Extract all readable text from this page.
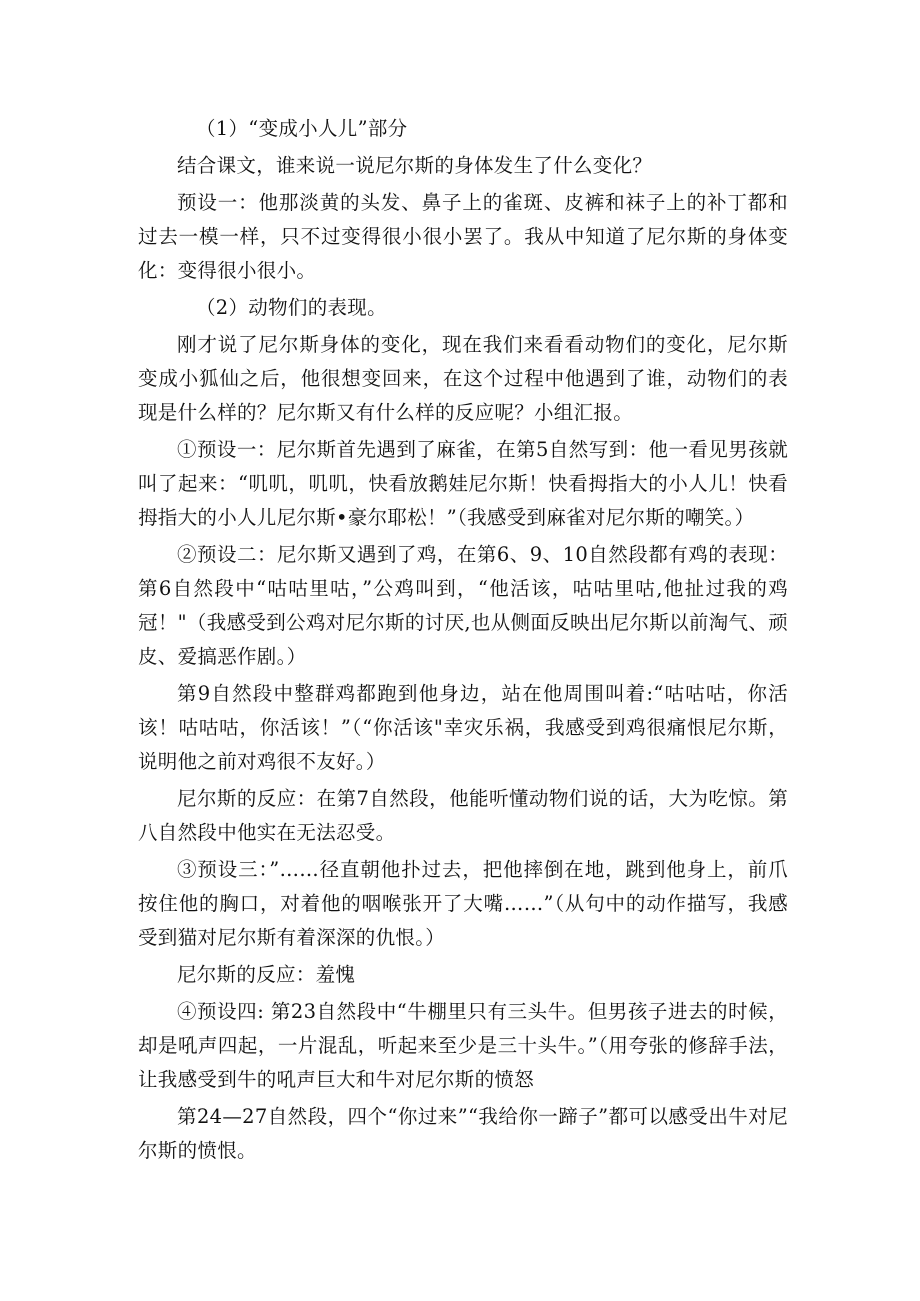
（1）“变成小人儿”部分

结合课文，谁来说一说尼尔斯的身体发生了什么变化？

预设一：他那淡黄的头发、鼻子上的雀斑、皮裤和袜子上的补丁都和过去一模一样，只不过变得很小很小罢了。我从中知道了尼尔斯的身体变化：变得很小很小。

（2）动物们的表现。

刚才说了尼尔斯身体的变化，现在我们来看看动物们的变化，尼尔斯变成小狐仙之后，他很想变回来，在这个过程中他遇到了谁，动物们的表现是什么样的？尼尔斯又有什么样的反应呢？小组汇报。

①预设一：尼尔斯首先遇到了麻雀，在第5自然写到：他一看见男孩就叫了起来：“叽叽，叽叽，快看放鹅娃尼尔斯！快看拇指大的小人儿！快看拇指大的小人儿尼尔斯•豪尔耶松！”（我感受到麻雀对尼尔斯的嘲笑。）

②预设二：尼尔斯又遇到了鸡，在第6、9、10自然段都有鸡的表现：第6自然段中“咕咕里咕，”公鸡叫到，“他活该，咕咕里咕,他扯过我的鸡冠！"（我感受到公鸡对尼尔斯的讨厌,也从侧面反映出尼尔斯以前淘气、顽皮、爱搞恶作剧。）

第9自然段中整群鸡都跑到他身边，站在他周围叫着:“咕咕咕，你活该！咕咕咕，你活该！”（“你活该"幸灾乐祸，我感受到鸡很痛恨尼尔斯，说明他之前对鸡很不友好。）

尼尔斯的反应：在第7自然段，他能听懂动物们说的话，大为吃惊。第八自然段中他实在无法忍受。

③预设三：”……径直朝他扑过去，把他摔倒在地，跳到他身上，前爪按住他的胸口，对着他的咽喉张开了大嘴……”（从句中的动作描写，我感受到猫对尼尔斯有着深深的仇恨。）

尼尔斯的反应：羞愧

④预设四: 第23自然段中“牛棚里只有三头牛。但男孩子进去的时候，却是吼声四起，一片混乱，听起来至少是三十头牛。”（用夸张的修辞手法，让我感受到牛的吼声巨大和牛对尼尔斯的愤怒

第24—27自然段，四个“你过来”“我给你一蹄子”都可以感受出牛对尼尔斯的愤恨。
